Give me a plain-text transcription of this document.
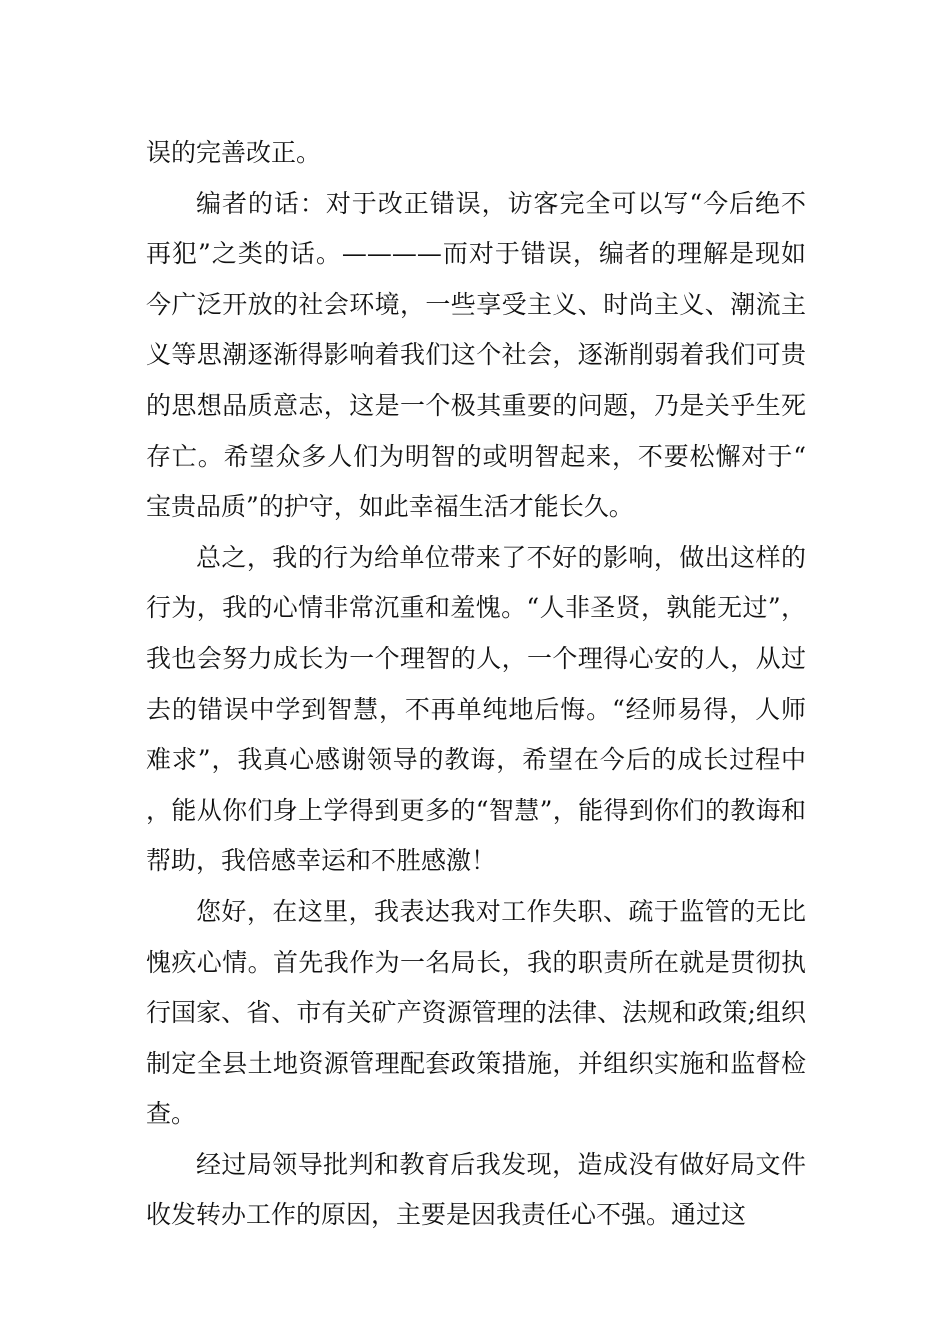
误的完善改正。

编者的话：对于改正错误，访客完全可以写“今后绝不再犯”之类的话。————而对于错误，编者的理解是现如今广泛开放的社会环境，一些享受主义、时尚主义、潮流主义等思潮逐渐得影响着我们这个社会，逐渐削弱着我们可贵的思想品质意志，这是一个极其重要的问题，乃是关乎生死存亡。希望众多人们为明智的或明智起来，不要松懈对于“宝贵品质”的护守，如此幸福生活才能长久。

总之，我的行为给单位带来了不好的影响，做出这样的行为，我的心情非常沉重和羞愧。“人非圣贤，孰能无过”，我也会努力成长为一个理智的人，一个理得心安的人，从过去的错误中学到智慧，不再单纯地后悔。“经师易得，人师难求”，我真心感谢领导的教诲，希望在今后的成长过程中，能从你们身上学得到更多的“智慧”，能得到你们的教诲和帮助，我倍感幸运和不胜感激！

您好，在这里，我表达我对工作失职、疏于监管的无比愧疚心情。首先我作为一名局长，我的职责所在就是贯彻执行国家、省、市有关矿产资源管理的法律、法规和政策;组织制定全县土地资源管理配套政策措施，并组织实施和监督检查。

经过局领导批判和教育后我发现，造成没有做好局文件收发转办工作的原因，主要是因我责任心不强。通过这
